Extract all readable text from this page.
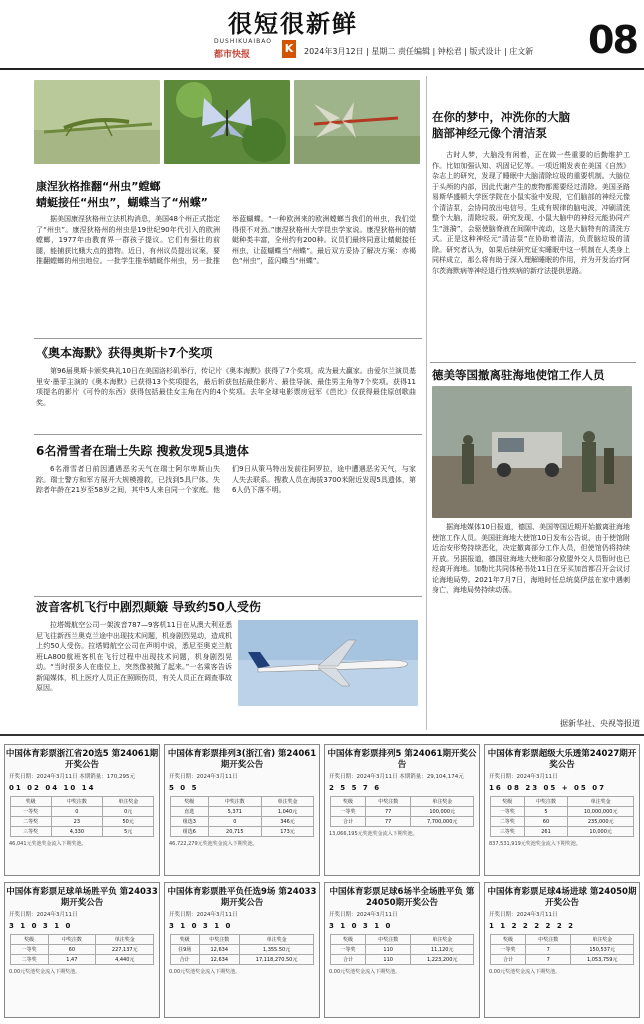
很短很新鲜
DUSHIKUAIBAO
都市快报	K	2024年3月12日 | 星期二 责任编辑 | 钟松君 | 版式设计 | 庄文新 08
康涅狄格推翻“州虫”螳螂
蜻蜓接任“州虫”，蝴蝶当了“州蝶”

据美国康涅狄格州立法机构消息，美国48个州正式指定了“州虫”。康涅狄格州的州虫是19世纪90年代引入的欧洲螳螂，1977年由教育界一群孩子提议。它们有强壮的前腿，能捕获比蛾大点的猎物。近日，有州议员提出议案，要推翻螳螂的州虫地位。一批学生推举蜻蜓作州虫，另一批推举蓝蝴蝶。“一种欧洲来的欧洲螳螂当我们的州虫，我们觉得很不对劲。”康涅狄格州大学昆虫学家说。康涅狄格州的蜻蜓种类丰富，全州约有200种。议员们最终同意让蜻蜓接任州虫，让蓝蝴蝶当“州蝶”。最后双方妥协了解决方案：赤褐色“州虫”，蓝闪蝶当“州蝶”。

《奥本海默》获得奥斯卡7个奖项

第96届奥斯卡颁奖典礼10日在美国洛杉矶举行，传记片《奥本海默》获得了7个奖项，成为最大赢家。由爱尔兰演员基里安·墨菲主演的《奥本海默》已获得13个奖项提名，最后斩获包括最佳影片、最佳导演、最佳男主角等7个奖项。获得11项提名的影片《可怜的东西》获得包括最佳女主角在内的4个奖项。去年全球电影票房冠军《芭比》仅获得最佳原创歌曲奖。

6名滑雪者在瑞士失踪 搜救发现5具遗体

6名滑雪者日前因遭遇恶劣天气在瑞士阿尔卑斯山失踪。瑞士警方和军方展开大规模搜救，已找到5具尸体。失踪者年龄在21岁至58岁之间，其中5人来自同一个家庭。他们9日从策马特出发前往阿罗拉，途中遭遇恶劣天气，与家人失去联系。搜救人员在海拔3700米附近发现5具遗体，第6人仍下落不明。

波音客机飞行中剧烈颠簸 导致约50人受伤

拉塔姆航空公司一架波音787—9客机11日在从澳大利亚悉尼飞往新西兰奥克兰途中出现技术问题，机身剧烈晃动，造成机上约50人受伤。拉塔姆航空公司在声明中说，悉尼至奥克兰航班LA800航班客机在飞行过程中出现技术问题，机身剧烈晃动。“当时很多人在座位上，突然像被抛了起来。”一名乘客告诉新闻媒体，机上医疗人员正在照顾伤员，有关人员正在调查事故原因。

在你的梦中，冲洗你的大脑
脑部神经元像个清洁泵

古时人梦，大脑没有闲着，正在做一些重要的后勤维护工作。比如加强认知、巩固记忆等。一项近期发表在美国《自然》杂志上的研究，发现了睡眠中大脑清除垃圾的重要机制。大脑位于头颅的内部，因此代谢产生的废物都需要经过清除。美国圣路易斯华盛顿大学医学院在小鼠实验中发现，它们脑部的神经元像个清洁泵，会协同放出电信号，生成有规律的脑电波，冲刷清洗整个大脑，清除垃圾。研究发现，小鼠大脑中的神经元能协同产生“涟漪”，会驱使脑脊液在间隙中流动，这是大脑特有的清洗方式。正是这种神经元“清洁泵”在协助着清洁，负责脑垃圾的清除。研究者认为，如果后续研究证实睡眠中这一机制在人类身上同样成立，那么将有助于深入理解睡眠的作用，并为开发治疗阿尔茨海默病等神经退行性疾病的新疗法提供思路。

德美等国撤离驻海地使馆工作人员

据海地媒体10日报道，德国、美国等国近期开始撤离驻海地使馆工作人员。美国驻海地大使馆10日发布公告说，由于使馆附近治安形势持续恶化，决定撤离部分工作人员，但使馆仍将持续开放。另据报道，德国驻海地大使和部分欧盟外交人员暂时也已经离开海地。加勒比共同体秘书处11日在牙买加首都召开会议讨论海地局势。2021年7月7日，海地时任总统莫伊兹在家中遇刺身亡，海地局势持续动荡。

据新华社、央视等报道
中国体育彩票浙江省20选5 第24061期开奖公告
开奖日期：2024年3月11日 本期销量：170,295元
01 02 04 10 14
奖级	中奖注数	单注奖金
一等奖	0	0元
二等奖	23	50元
三等奖	4,330	5元
46,041元奖池奖金流入下期奖池。
中国体育彩票排列3(浙江省) 第24061期开奖公告
开奖日期：2024年3月11日
5 0 5
奖级	中奖注数	单注奖金
直选	5,371	1,040元
组选3	0	346元
组选6	20,715	173元
46,722,279元奖池奖金流入下期奖池。
中国体育彩票排列5 第24061期开奖公告
开奖日期：2024年3月11日 本期销量：29,104,174元
2 5 5 7 6
奖级	中奖注数	单注奖金
一等奖	77	100,000元
合计	77	7,700,000元
13,066,195元奖池奖金流入下期奖池。
中国体育彩票超级大乐透第24027期开奖公告
开奖日期：2024年3月11日
16 08 23 05 + 05 07
奖级	中奖注数	单注奖金
一等奖	5	10,000,000元
二等奖	60	235,000元
三等奖	261	10,000元
837,531,919元奖池奖金流入下期奖池。
中国体育彩票足球单场胜平负 第24033期开奖公告
开奖日期：2024年3月11日
3 1 0 3 1 0
奖级	中奖注数	单注奖金
一等奖	60	227,137元
二等奖	1,47	4,440元
0.00元奖池奖金流入下期奖池。
中国体育彩票胜平负任选9场 第24033期开奖公告
开奖日期：2024年3月11日
3 1 0 3 1 0
奖级	中奖注数	单注奖金
任9场	12,634	1,355.50元
合计	12,634	17,118,270.50元
0.00元奖池奖金流入下期奖池。
中国体育彩票足球6场半全场胜平负 第24050期开奖公告
开奖日期：2024年3月11日
3 1 0 3 1 0
奖级	中奖注数	单注奖金
一等奖	110	11,120元
合计	110	1,223,200元
0.00元奖池奖金流入下期奖池。
中国体育彩票足球4场进球 第24050期开奖公告
开奖日期：2024年3月11日
1 1 2 2 2 2 2 2
奖级	中奖注数	单注奖金
一等奖	7	150,537元
合计	7	1,053,759元
0.00元奖池奖金流入下期奖池。
